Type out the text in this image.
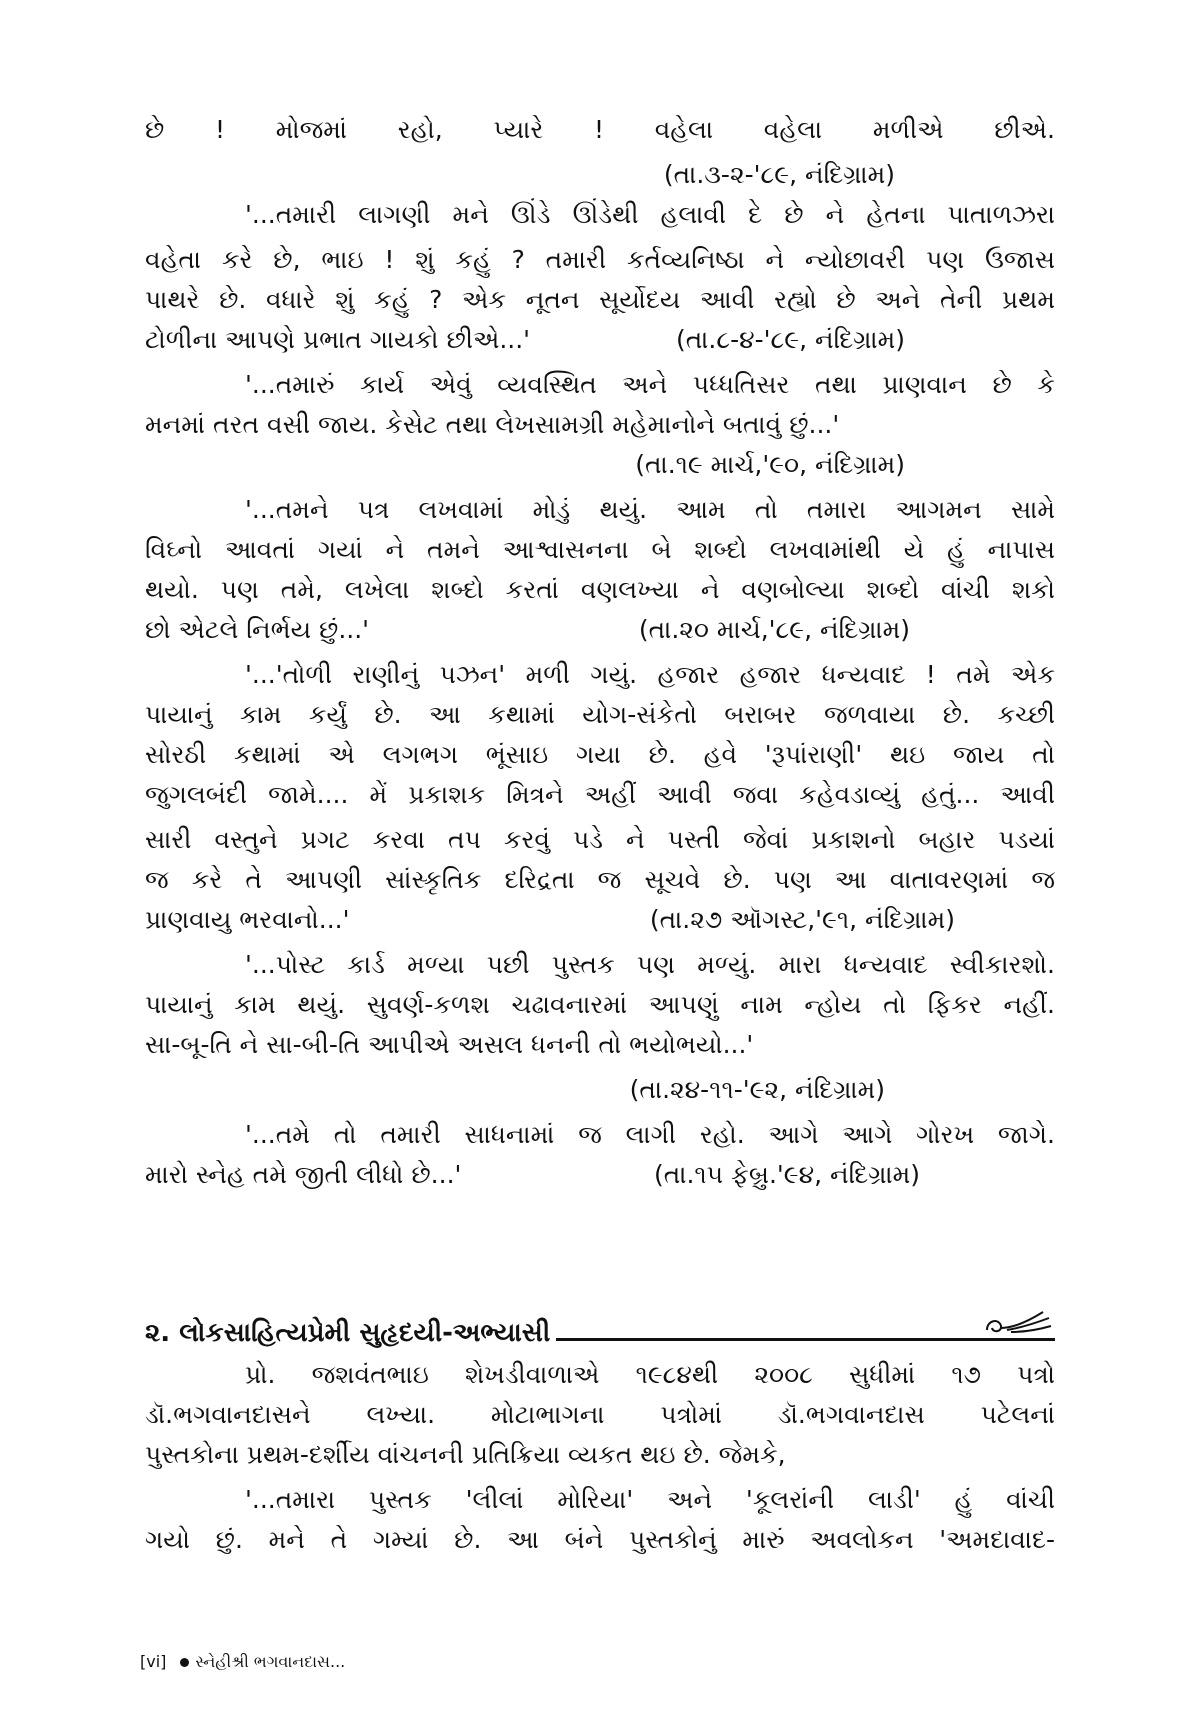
છે ! મોજમાં રહો, પ્યારે ! વહેલા વહેલા મળીએ છીએ.
(તા.૩-૨-'૮૯, નંદિગ્રામ)
'...તમારી લાગણી મને ઊંડે ઊંડેથી હલાવી દે છે ને હેતના પાતાળઝરા
વહેતા કરે છે, ભાઇ ! શું કહું ? તમારી કર્તવ્યનિષ્ઠા ને ન્યોછાવરી પણ ઉજાસ
પાથરે છે. વધારે શું કહું ? એક નૂતન સૂર્યોદય આવી રહ્યો છે અને તેની પ્રથમ
ટોળીના આપણે પ્રભાત ગાયકો છીએ...'	(તા.૮-૪-'૮૯, નંદિગ્રામ)
'...તમારું કાર્ય એવું વ્યવસ્થિત અને પધ્ધતિસર તથા પ્રાણવાન છે કે
મનમાં તરત વસી જાય. કેસેટ તથા લેખસામગ્રી મહેમાનોને બતાવું છું...'
(તા.૧૯ માર્ચ,'૯૦, નંદિગ્રામ)
'...તમને પત્ર લખવામાં મોડું થયું. આમ તો તમારા આગમન સામે
વિઘ્નો આવતાં ગયાં ને તમને આશ્વાસનના બે શબ્દો લખવામાંથી યે હું નાપાસ
થયો. પણ તમે, લખેલા શબ્દો કરતાં વણલખ્યા ને વણબોલ્યા શબ્દો વાંચી શકો
છો એટલે નિર્ભય છું...'	(તા.૨૦ માર્ચ,'૮૯, નંદિગ્રામ)
'...'તોળી રાણીનું પઝન' મળી ગયું. હજાર હજાર ધન્યવાદ ! તમે એક
પાયાનું કામ કર્યું છે. આ કથામાં યોગ-સંકેતો બરાબર જળવાયા છે. કચ્છી
સોરઠી કથામાં એ લગભગ ભૂંસાઇ ગયા છે. હવે 'રૂપાંરાણી' થઇ જાય તો
જુગલબંદી જામે.... મેં પ્રકાશક મિત્રને અહીં આવી જવા કહેવડાવ્યું હતું... આવી
સારી વસ્તુને પ્રગટ કરવા તપ કરવું પડે ને પસ્તી જેવાં પ્રકાશનો બહાર પડયાં
જ કરે તે આપણી સાંસ્કૃતિક દરિદ્રતા જ સૂચવે છે. પણ આ વાતાવરણમાં જ
પ્રાણવાયુ ભરવાનો...'	(તા.૨૭ ઑગસ્ટ,'૯૧, નંદિગ્રામ)
'...પોસ્ટ કાર્ડ મળ્યા પછી પુસ્તક પણ મળ્યું. મારા ધન્યવાદ સ્વીકારશો.
પાયાનું કામ થયું. સુવર્ણ-કળશ ચઢાવનારમાં આપણું નામ ન્હોય તો ફિકર નહીં.
સા-બૂ-તિ ને સા-બી-તિ આપીએ અસલ ધનની તો ભયોભયો...'
(તા.૨૪-૧૧-'૯૨, નંદિગ્રામ)
'...તમે તો તમારી સાધનામાં જ લાગી રહો. આગે આગે ગોરખ જાગે.
મારો સ્નેહ તમે જીતી લીધો છે...'	(તા.૧૫ ફેબ્રુ.'૯૪, નંદિગ્રામ)
૨. લોકસાહિત્યપ્રેમી સુહૃદયી-અભ્યાસી
પ્રો. જશવંતભાઇ શેખડીવાળાએ ૧૯૮૪થી ૨૦૦૮ સુધીમાં ૧૭ પત્રો
ડૉ.ભગવાનદાસને લખ્યા. મોટાભાગના પત્રોમાં ડૉ.ભગવાનદાસ પટેલનાં
પુસ્તકોના પ્રથમ-દર્શીય વાંચનની પ્રતિક્રિયા વ્યકત થઇ છે. જેમકે,
'...તમારા પુસ્તક 'લીલાં મોરિયા' અને 'કૂલરાંની લાડી' હું વાંચી
ગયો છું. મને તે ગમ્યાં છે. આ બંને પુસ્તકોનું મારું અવલોકન 'અમદાવાદ-
[vi] સ્નેહીશ્રી ભગવાનદાસ...
